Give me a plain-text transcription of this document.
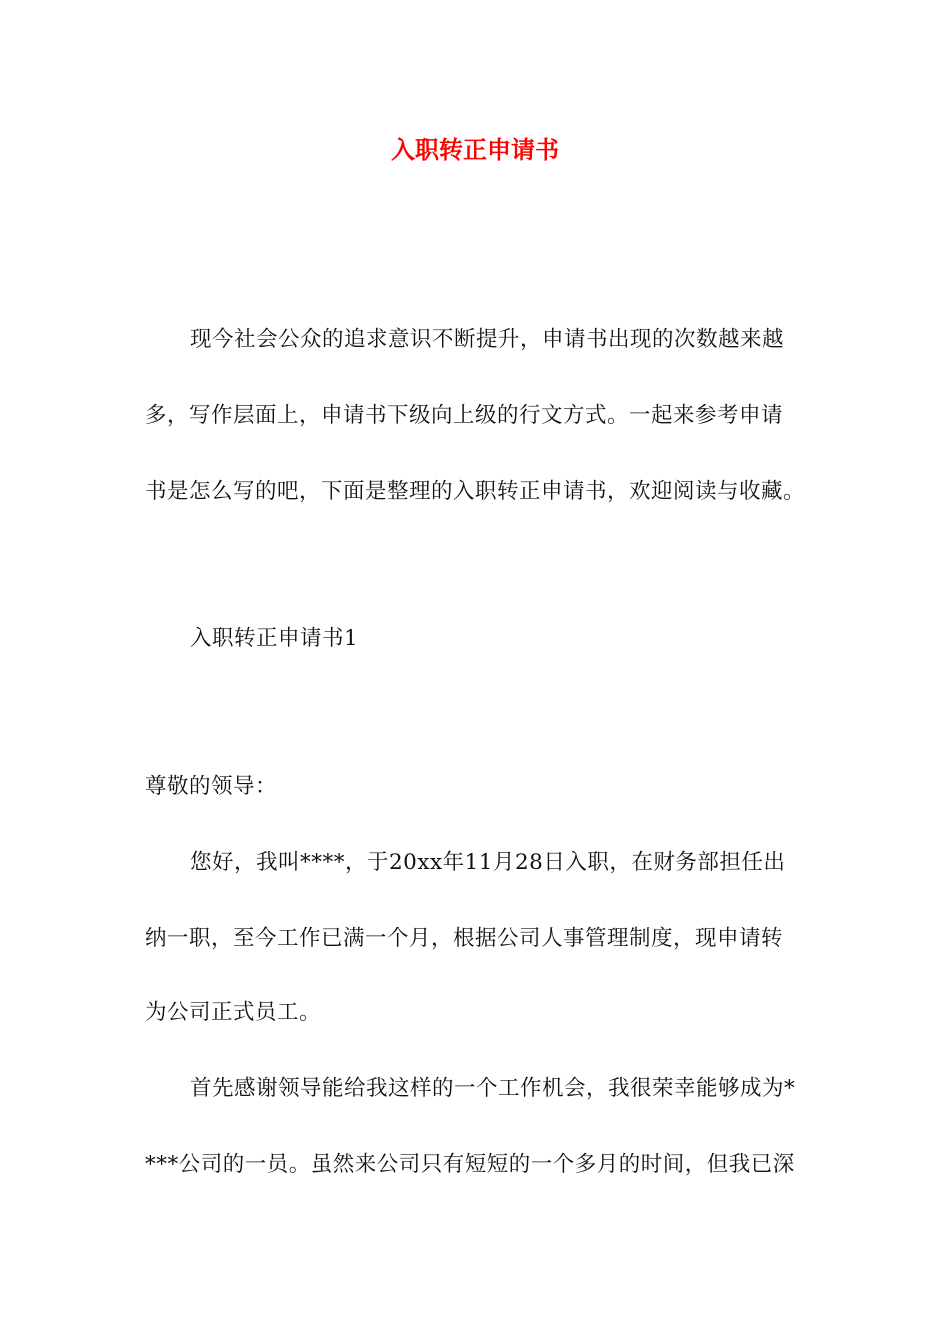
入职转正申请书
现今社会公众的追求意识不断提升，申请书出现的次数越来越
多，写作层面上，申请书下级向上级的行文方式。一起来参考申请
书是怎么写的吧，下面是整理的入职转正申请书，欢迎阅读与收藏。
入职转正申请书1
尊敬的领导：
您好，我叫****，于20xx年11月28日入职，在财务部担任出
纳一职，至今工作已满一个月，根据公司人事管理制度，现申请转
为公司正式员工。
首先感谢领导能给我这样的一个工作机会，我很荣幸能够成为*
***公司的一员。虽然来公司只有短短的一个多月的时间，但我已深
